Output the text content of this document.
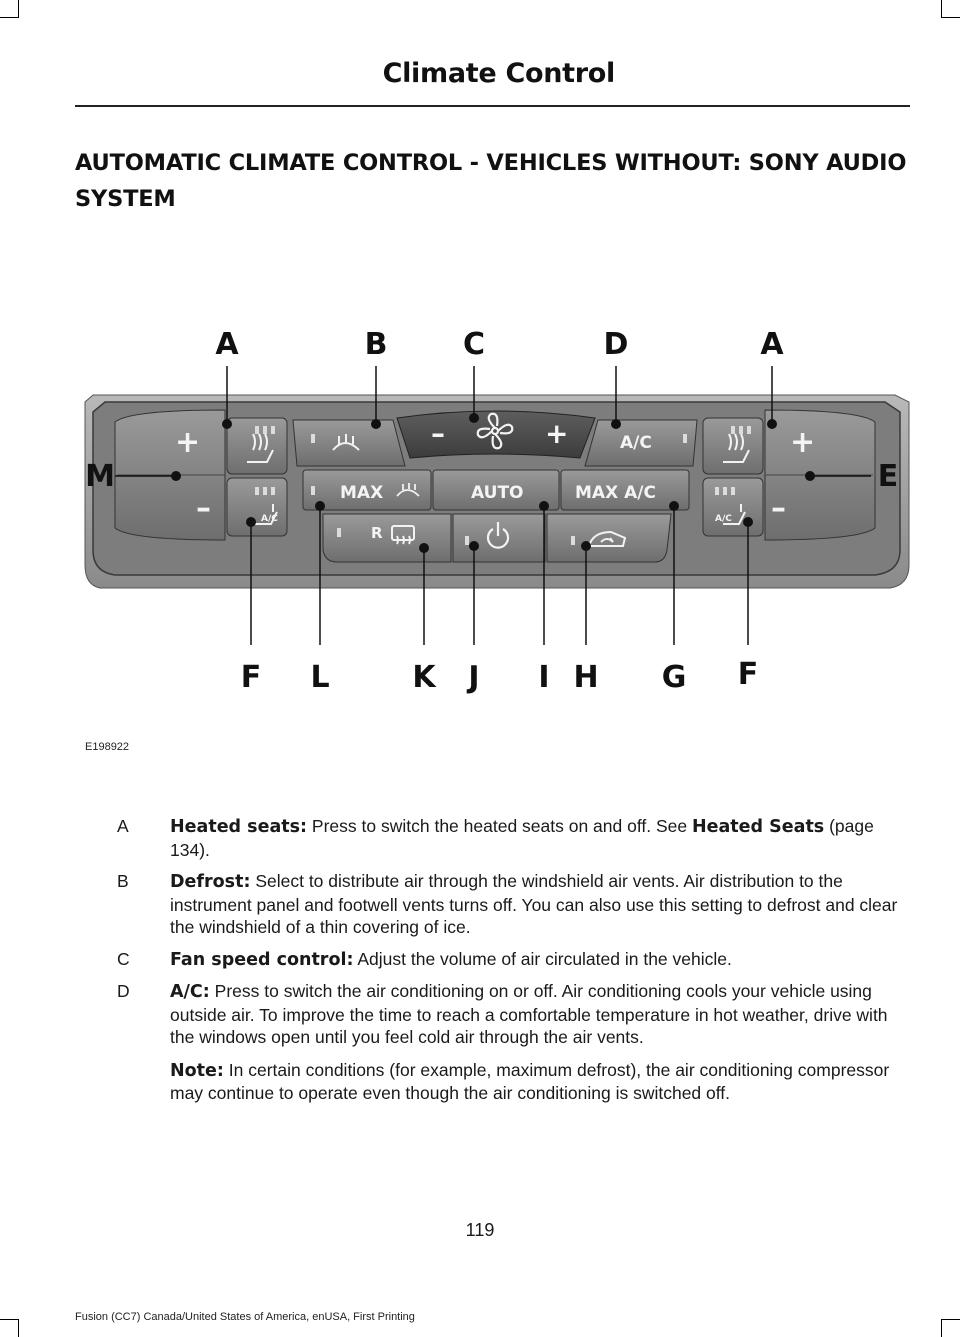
Climate Control
AUTOMATIC CLIMATE CONTROL - VEHICLES WITHOUT: SONY AUDIO SYSTEM
A/C
MAX	AUTO	MAX A/C
R
A/C	A/C
+
–
+
–
–	+
A	B	C	D	A
M	E
F L	K J I H G F
E198922
A Heated seats: Press to switch the heated seats on and off. See Heated Seats (page 134).

B Defrost: Select to distribute air through the windshield air vents. Air distribution to the instrument panel and footwell vents turns off. You can also use this setting to defrost and clear the windshield of a thin covering of ice.

C Fan speed control: Adjust the volume of air circulated in the vehicle.

D A/C: Press to switch the air conditioning on or off. Air conditioning cools your vehicle using outside air. To improve the time to reach a comfortable temperature in hot weather, drive with the windows open until you feel cold air through the air vents.

Note: In certain conditions (for example, maximum defrost), the air conditioning compressor may continue to operate even though the air conditioning is switched off.

119
Fusion (CC7) Canada/United States of America, enUSA, First Printing
